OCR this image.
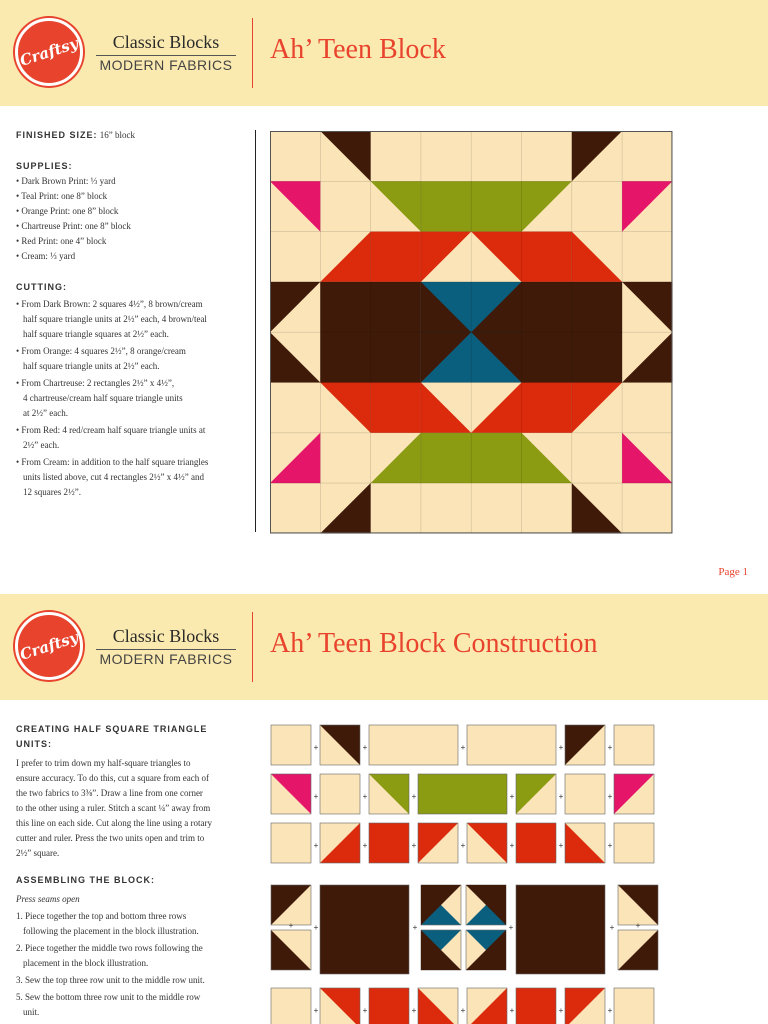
Craftsy	Classic Blocks
MODERN FABRICS Ah’ Teen Block

FINISHED SIZE: 16” block

SUPPLIES:

• Dark Brown Print: ⅓ yard

• Teal Print: one 8” block

• Orange Print: one 8” block

• Chartreuse Print: one 8” block

• Red Print: one 4” block

• Cream: ⅓ yard

CUTTING:

• From Dark Brown: 2 squares 4½”, 8 brown/cream

half square triangle units at 2½” each, 4 brown/teal

half square triangle squares at 2½” each.

• From Orange: 4 squares 2½”, 8 orange/cream

half square triangle units at 2½” each.

• From Chartreuse: 2 rectangles 2½” x 4½”,

4 chartreuse/cream half square triangle units

at 2½” each.

• From Red: 4 red/cream half square triangle units at

2½” each.

• From Cream: in addition to the half square triangles

units listed above, cut 4 rectangles 2½” x 4½” and

12 squares 2½”.

Page 1
Craftsy	Classic Blocks
MODERN FABRICS Ah’ Teen Block Construction

CREATING HALF SQUARE TRIANGLE UNITS:

I prefer to trim down my half-square triangles to

ensure accuracy. To do this, cut a square from each of

the two fabrics to 3⅜”. Draw a line from one corner

to the other using a ruler. Stitch a scant ¼” away from

this line on each side. Cut along the line using a rotary

cutter and ruler. Press the two units open and trim to

2½” square.

ASSEMBLING THE BLOCK:

Press seams open

1. Piece together the top and bottom three rows

following the placement in the block illustration.

2. Piece together the middle two rows following the

placement in the block illustration.

3. Sew the top three row unit to the middle row unit.

5. Sew the bottom three row unit to the middle row

unit.

+	+	+	+	+
+	+	+	+	+	+
+	+	+	+	+	+	+
+	+
+	+	+	+
+	+	+	+	+	+	+
